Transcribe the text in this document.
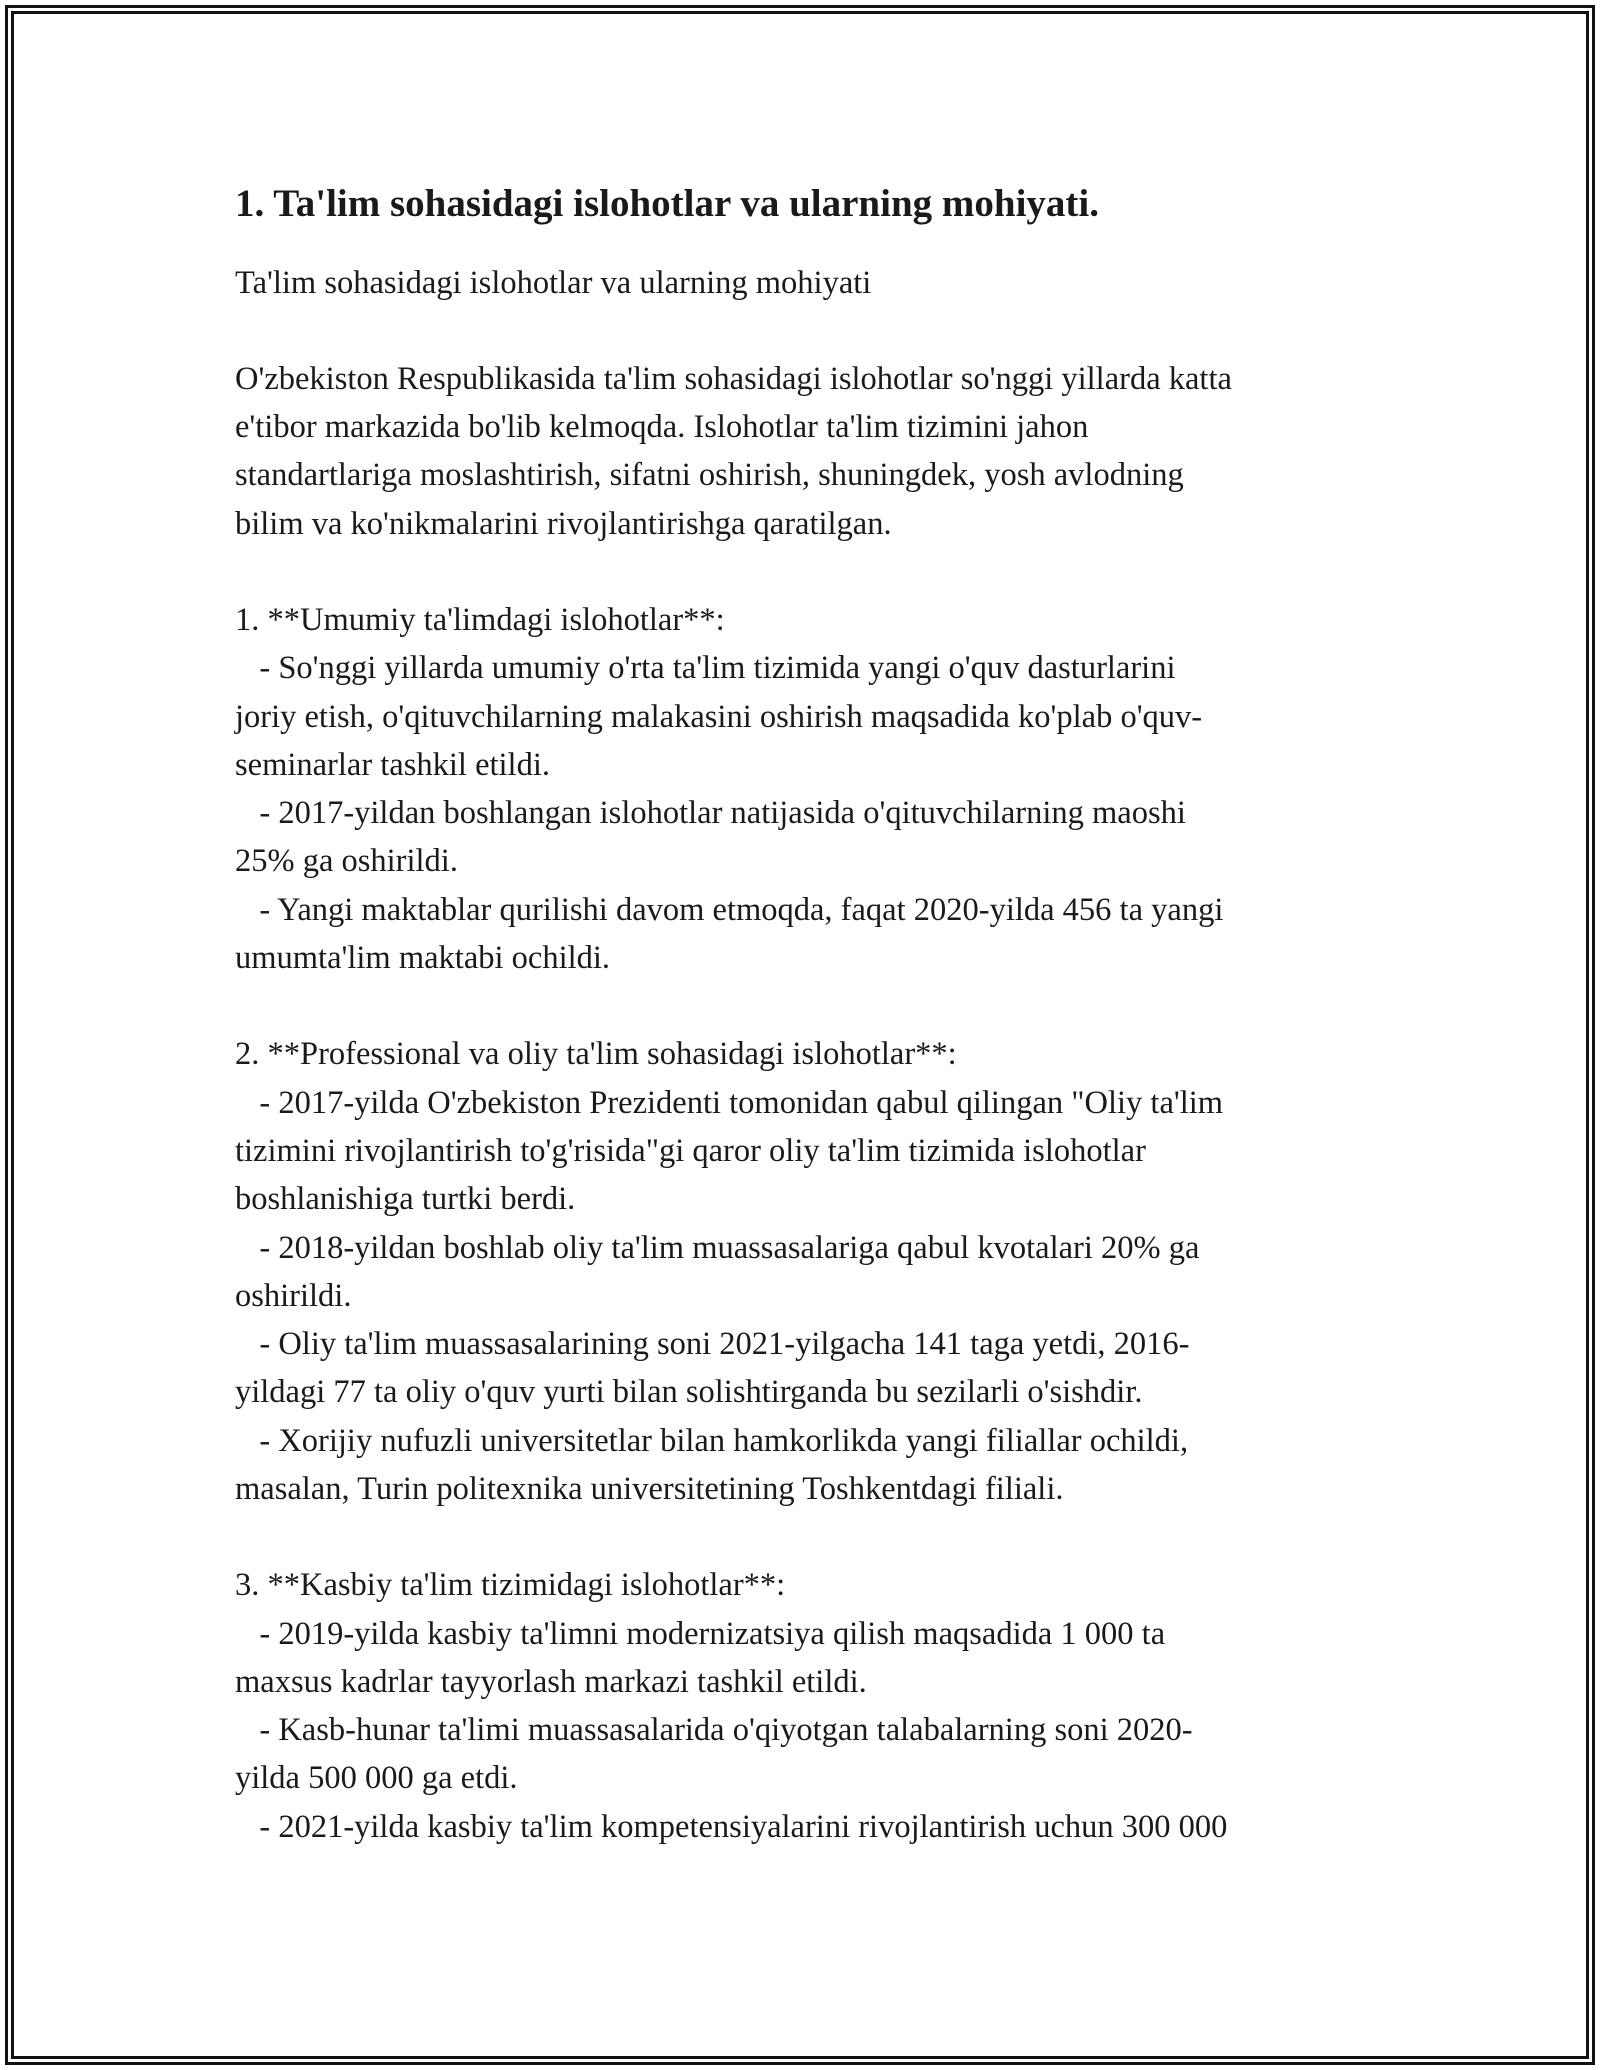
1. Ta'lim sohasidagi islohotlar va ularning mohiyati.

Ta'lim sohasidagi islohotlar va ularning mohiyati

O'zbekiston Respublikasida ta'lim sohasidagi islohotlar so'nggi yillarda katta
e'tibor markazida bo'lib kelmoqda. Islohotlar ta'lim tizimini jahon
standartlariga moslashtirish, sifatni oshirish, shuningdek, yosh avlodning
bilim va ko'nikmalarini rivojlantirishga qaratilgan.
1. **Umumiy ta'limdagi islohotlar**:
- So'nggi yillarda umumiy o'rta ta'lim tizimida yangi o'quv dasturlarini
joriy etish, o'qituvchilarning malakasini oshirish maqsadida ko'plab o'quv-
seminarlar tashkil etildi.
- 2017-yildan boshlangan islohotlar natijasida o'qituvchilarning maoshi
25% ga oshirildi.
- Yangi maktablar qurilishi davom etmoqda, faqat 2020-yilda 456 ta yangi
umumta'lim maktabi ochildi.
2. **Professional va oliy ta'lim sohasidagi islohotlar**:
- 2017-yilda O'zbekiston Prezidenti tomonidan qabul qilingan "Oliy ta'lim
tizimini rivojlantirish to'g'risida"gi qaror oliy ta'lim tizimida islohotlar
boshlanishiga turtki berdi.
- 2018-yildan boshlab oliy ta'lim muassasalariga qabul kvotalari 20% ga
oshirildi.
- Oliy ta'lim muassasalarining soni 2021-yilgacha 141 taga yetdi, 2016-
yildagi 77 ta oliy o'quv yurti bilan solishtirganda bu sezilarli o'sishdir.
- Xorijiy nufuzli universitetlar bilan hamkorlikda yangi filiallar ochildi,
masalan, Turin politexnika universitetining Toshkentdagi filiali.
3. **Kasbiy ta'lim tizimidagi islohotlar**:
- 2019-yilda kasbiy ta'limni modernizatsiya qilish maqsadida 1 000 ta
maxsus kadrlar tayyorlash markazi tashkil etildi.
- Kasb-hunar ta'limi muassasalarida o'qiyotgan talabalarning soni 2020-
yilda 500 000 ga etdi.
- 2021-yilda kasbiy ta'lim kompetensiyalarini rivojlantirish uchun 300 000
